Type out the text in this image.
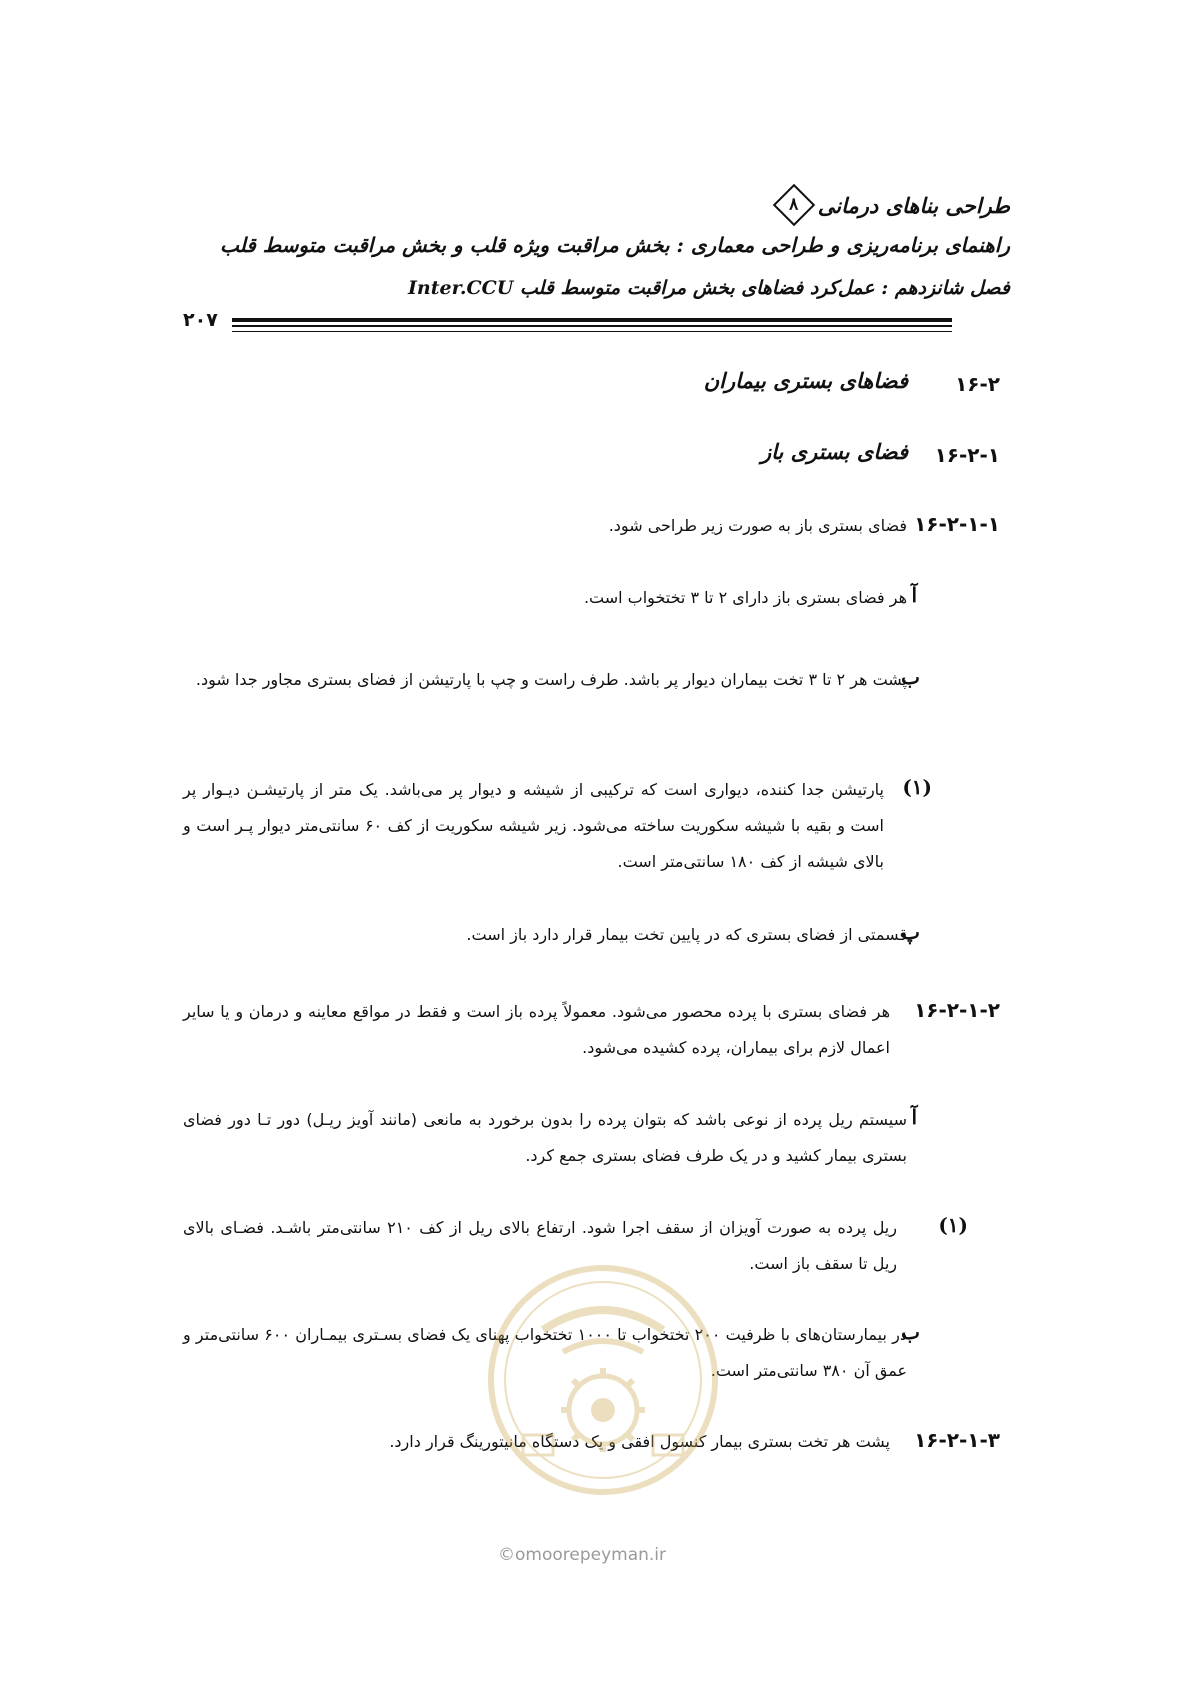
طراحی بناهای درمانی
۸
راهنمای برنامه‌ریزی و طراحی معماری : بخش مراقبت ویژه قلب و بخش مراقبت متوسط قلب
فصل شانزدهم : عمل‌کرد فضاهای بخش مراقبت متوسط قلب Inter.CCU
۲۰۷
۱۶-۲
فضاهای بستری بیماران
۱۶-۲-۱
فضای بستری باز
۱۶-۲-۱-۱
فضای بستری باز به صورت زیر طراحی شود.
آ
هر فضای بستری باز دارای ۲ تا ۳ تختخواب است.
ب
پشت هر ۲ تا ۳ تخت بیماران دیوار پر باشد. طرف راست و چپ با پارتیشن از فضای بستری مجاور جدا شود.
(۱)
پارتیشن جدا کننده، دیواری است که ترکیبی از شیشه و دیوار پر می‌باشد. یک متر از پارتیشـن دیـوار پر است و بقیه با شیشه سکوریت ساخته می‌شود. زیر شیشه سکوریت از کف ۶۰ سانتی‌متر دیوار پـر است و بالای شیشه از کف ۱۸۰ سانتی‌متر است.
پ
قسمتی از فضای بستری که در پایین تخت بیمار قرار دارد باز است.
۱۶-۲-۱-۲
هر فضای بستری با پرده محصور می‌شود. معمولاً پرده باز است و فقط در مواقع معاینه و درمان و یا سایر اعمال لازم برای بیماران، پرده کشیده می‌شود.
آ
سیستم ریل پرده از نوعی باشد که بتوان پرده را بدون برخورد به مانعی (مانند آویز ریـل) دور تـا دور فضای بستری بیمار کشید و در یک طرف فضای بستری جمع کرد.
(۱)
ریل پرده به صورت آویزان از سقف اجرا شود. ارتفاع بالای ریل از کف ۲۱۰ سانتی‌متر باشـد. فضـای بالای ریل تا سقف باز است.
ب
در بیمارستان‌های با ظرفیت ۲۰۰ تختخواب تا ۱۰۰۰ تختخواب پهنای یک فضای بسـتری بیمـاران ۶۰۰ سانتی‌متر و عمق آن ۳۸۰ سانتی‌متر است.
۱۶-۲-۱-۳
پشت هر تخت بستری بیمار کنسول افقی و یک دستگاه مانیتورینگ قرار دارد.
©omoorepeyman.ir
